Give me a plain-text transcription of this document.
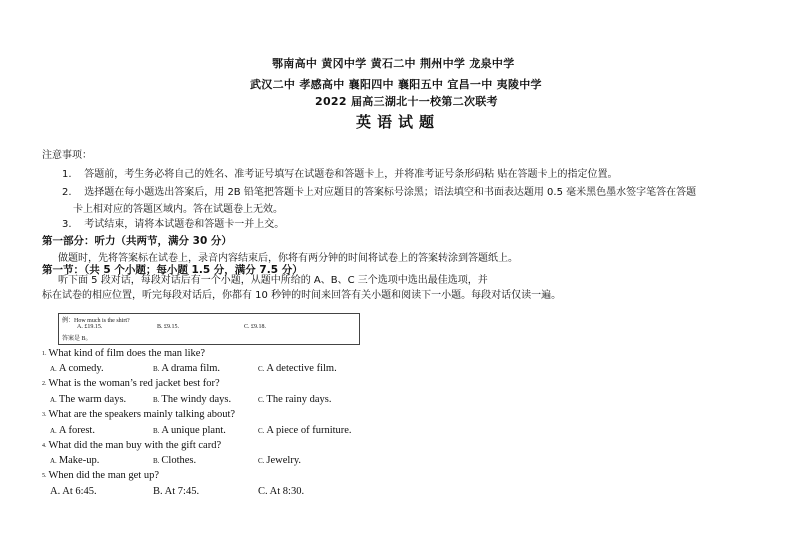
鄂南高中 黄冈中学 黄石二中 荆州中学 龙泉中学
武汉二中 孝感高中 襄阳四中 襄阳五中 宜昌一中 夷陵中学
2022 届高三湖北十一校第二次联考
英语试题
注意事项：
1. 答题前，考生务必将自己的姓名、准考证号填写在试题卷和答题卡上，并将准考证号条形码粘 贴在答题卡上的指定位置。
2. 选择题在每小题选出答案后，用 2B 铅笔把答题卡上对应题目的答案标号涂黑；语法填空和书面表达题用 0.5 毫米黑色墨水签字笔答在答题
卡上相对应的答题区域内。答在试题卷上无效。
3. 考试结束，请将本试题卷和答题卡一并上交。
第一部分：听力（共两节，满分 30 分）
做题时，先将答案标在试卷上，录音内容结束后，你将有两分钟的时间将试卷上的答案转涂到答题纸上。
第一节：（共 5 个小题；每小题 1.5 分，满分 7.5 分）
听下面 5 段对话，每段对话后有一个小题，从题中所给的 A、B、C 三个选项中选出最佳选项，并
标在试卷的相应位置，听完每段对话后，你都有 10 秒钟的时间来回答有关小题和阅读下一小题。每段对话仅读一遍。
例：How much is the shirt?
A. £19.15.	B. £9.15.	C. £9.18.
答案是 B。
1. What kind of film does the man like?
A. A comedy.	B. A drama film.	C. A detective film.
2. What is the woman’s red jacket best for?
A. The warm days.	B. The windy days.	C. The rainy days.
3. What are the speakers mainly talking about?
A. A forest.	B. A unique plant.	C. A piece of furniture.
4. What did the man buy with the gift card?
A. Make-up.	B. Clothes.	C. Jewelry.
5. When did the man get up?
A. At 6:45.	B. At 7:45.	C. At 8:30.
